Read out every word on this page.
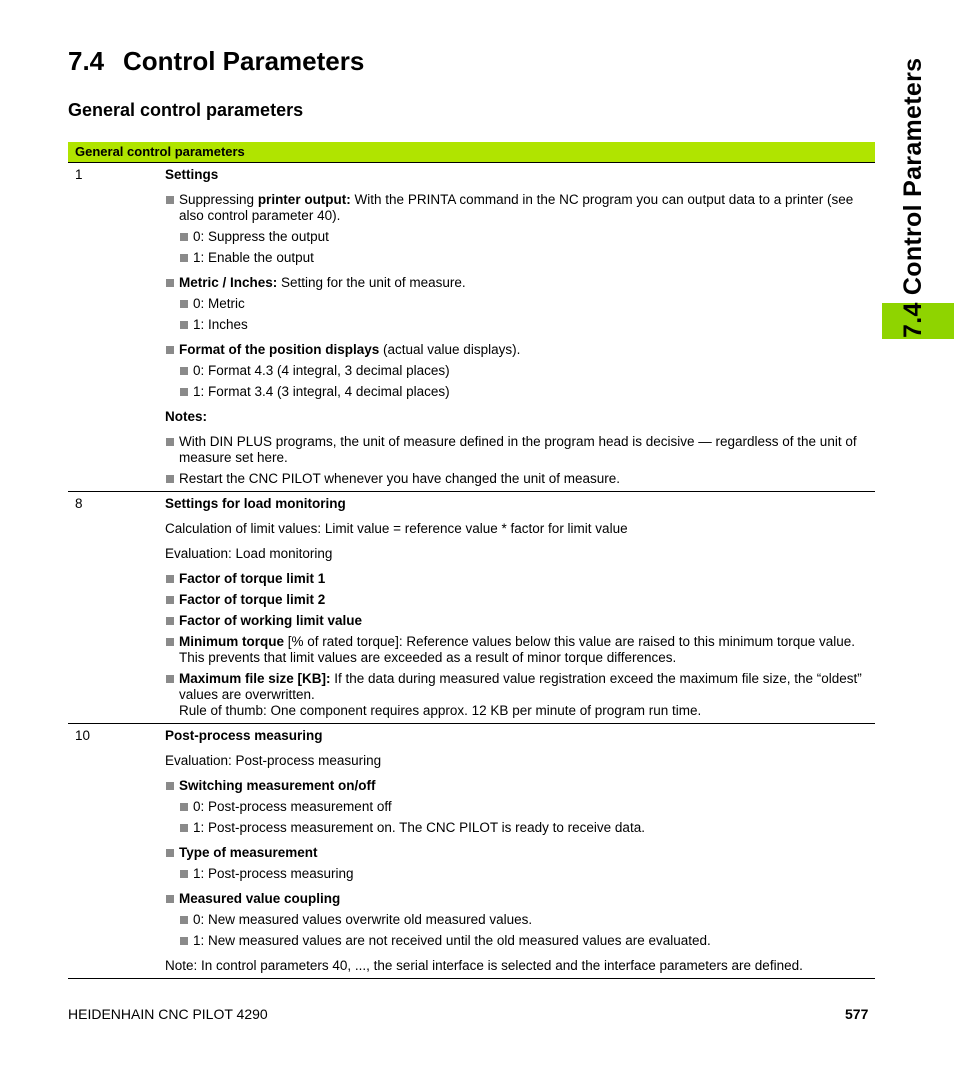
7.4 Control Parameters
General control parameters	7.4 Control Parameters
General control parameters
1	Settings
Suppressing printer output: With the PRINTA command in the NC program you can output data to a printer (see also control parameter 40).
0: Suppress the output
1: Enable the output
Metric / Inches: Setting for the unit of measure.
0: Metric
1: Inches
Format of the position displays (actual value displays).
0: Format 4.3 (4 integral, 3 decimal places)
1: Format 3.4 (3 integral, 4 decimal places)
Notes:
With DIN PLUS programs, the unit of measure defined in the program head is decisive — regardless of the unit of measure set here.
Restart the CNC PILOT whenever you have changed the unit of measure.
8	Settings for load monitoring
Calculation of limit values: Limit value = reference value * factor for limit value
Evaluation: Load monitoring
Factor of torque limit 1
Factor of torque limit 2
Factor of working limit value
Minimum torque [% of rated torque]: Reference values below this value are raised to this minimum torque value. This prevents that limit values are exceeded as a result of minor torque differences.
Maximum file size [KB]: If the data during measured value registration exceed the maximum file size, the “oldest” values are overwritten.
Rule of thumb: One component requires approx. 12 KB per minute of program run time.
10	Post-process measuring
Evaluation: Post-process measuring
Switching measurement on/off
0: Post-process measurement off
1: Post-process measurement on. The CNC PILOT is ready to receive data.
Type of measurement
1: Post-process measuring
Measured value coupling
0: New measured values overwrite old measured values.
1: New measured values are not received until the old measured values are evaluated.
Note: In control parameters 40, ..., the serial interface is selected and the interface parameters are defined.
HEIDENHAIN CNC PILOT 4290	577
